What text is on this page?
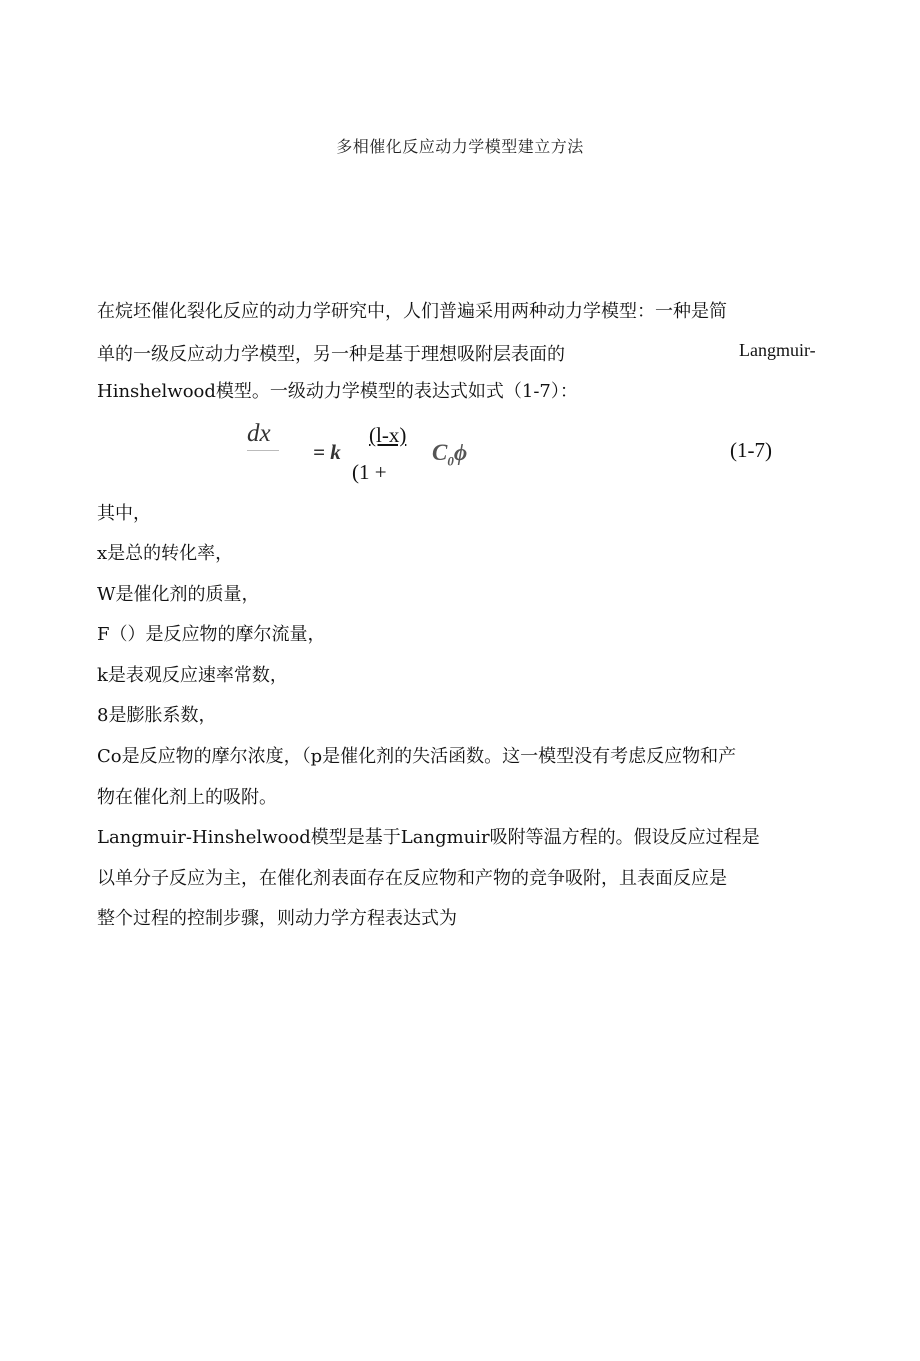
多相催化反应动力学模型建立方法
在烷坯催化裂化反应的动力学研究中，人们普遍采用两种动力学模型：一种是简
单的一级反应动力学模型，另一种是基于理想吸附层表面的	Langmuir-
Hinshelwood模型。一级动力学模型的表达式如式（1-7）：
dx
= k
(l-x)
(1 +
$C_0\phi$	(1-7)
其中，
x是总的转化率，
W是催化剂的质量，
F（）是反应物的摩尔流量，
k是表观反应速率常数，
8是膨胀系数，
Co是反应物的摩尔浓度，（p是催化剂的失活函数。这一模型没有考虑反应物和产
物在催化剂上的吸附。
Langmuir-Hinshelwood模型是基于Langmuir吸附等温方程的。假设反应过程是
以单分子反应为主，在催化剂表面存在反应物和产物的竞争吸附，且表面反应是
整个过程的控制步骤，则动力学方程表达式为
